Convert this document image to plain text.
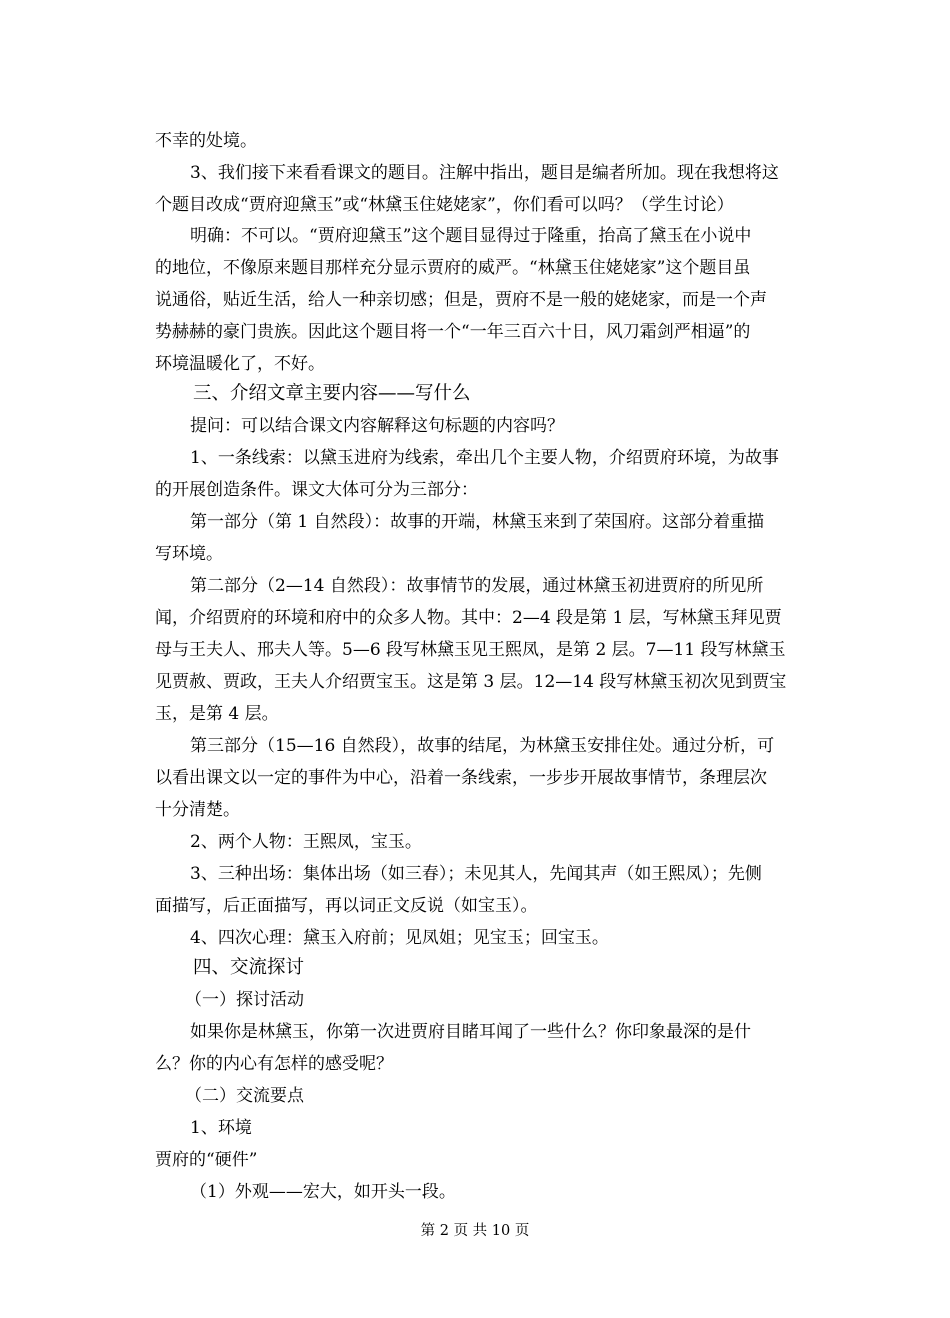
不幸的处境。
3、我们接下来看看课文的题目。注解中指出，题目是编者所加。现在我想将这
个题目改成“贾府迎黛玉”或“林黛玉住姥姥家”，你们看可以吗？（学生讨论）
明确：不可以。“贾府迎黛玉”这个题目显得过于隆重，抬高了黛玉在小说中
的地位，不像原来题目那样充分显示贾府的威严。“林黛玉住姥姥家”这个题目虽
说通俗，贴近生活，给人一种亲切感；但是，贾府不是一般的姥姥家，而是一个声
势赫赫的豪门贵族。因此这个题目将一个“一年三百六十日，风刀霜剑严相逼”的
环境温暖化了，不好。
三、介绍文章主要内容——写什么
提问：可以结合课文内容解释这句标题的内容吗？
1、一条线索：以黛玉进府为线索，牵出几个主要人物，介绍贾府环境，为故事
的开展创造条件。课文大体可分为三部分：
第一部分（第 1 自然段）：故事的开端，林黛玉来到了荣国府。这部分着重描
写环境。
第二部分（2—14 自然段）：故事情节的发展，通过林黛玉初进贾府的所见所
闻，介绍贾府的环境和府中的众多人物。其中：2—4 段是第 1 层，写林黛玉拜见贾
母与王夫人、邢夫人等。5—6 段写林黛玉见王熙凤，是第 2 层。7—11 段写林黛玉
见贾赦、贾政，王夫人介绍贾宝玉。这是第 3 层。12—14 段写林黛玉初次见到贾宝
玉，是第 4 层。
第三部分（15—16 自然段），故事的结尾，为林黛玉安排住处。通过分析，可
以看出课文以一定的事件为中心，沿着一条线索，一步步开展故事情节，条理层次
十分清楚。
2、两个人物：王熙凤，宝玉。
3、三种出场：集体出场（如三春）；未见其人，先闻其声（如王熙凤）；先侧
面描写，后正面描写，再以词正文反说（如宝玉）。
4、四次心理：黛玉入府前；见凤姐；见宝玉；回宝玉。
四、交流探讨
（一）探讨活动
如果你是林黛玉，你第一次进贾府目睹耳闻了一些什么？你印象最深的是什
么？你的内心有怎样的感受呢？
（二）交流要点
1、环境
贾府的“硬件”
（1）外观——宏大，如开头一段。
第 2 页 共 10 页
